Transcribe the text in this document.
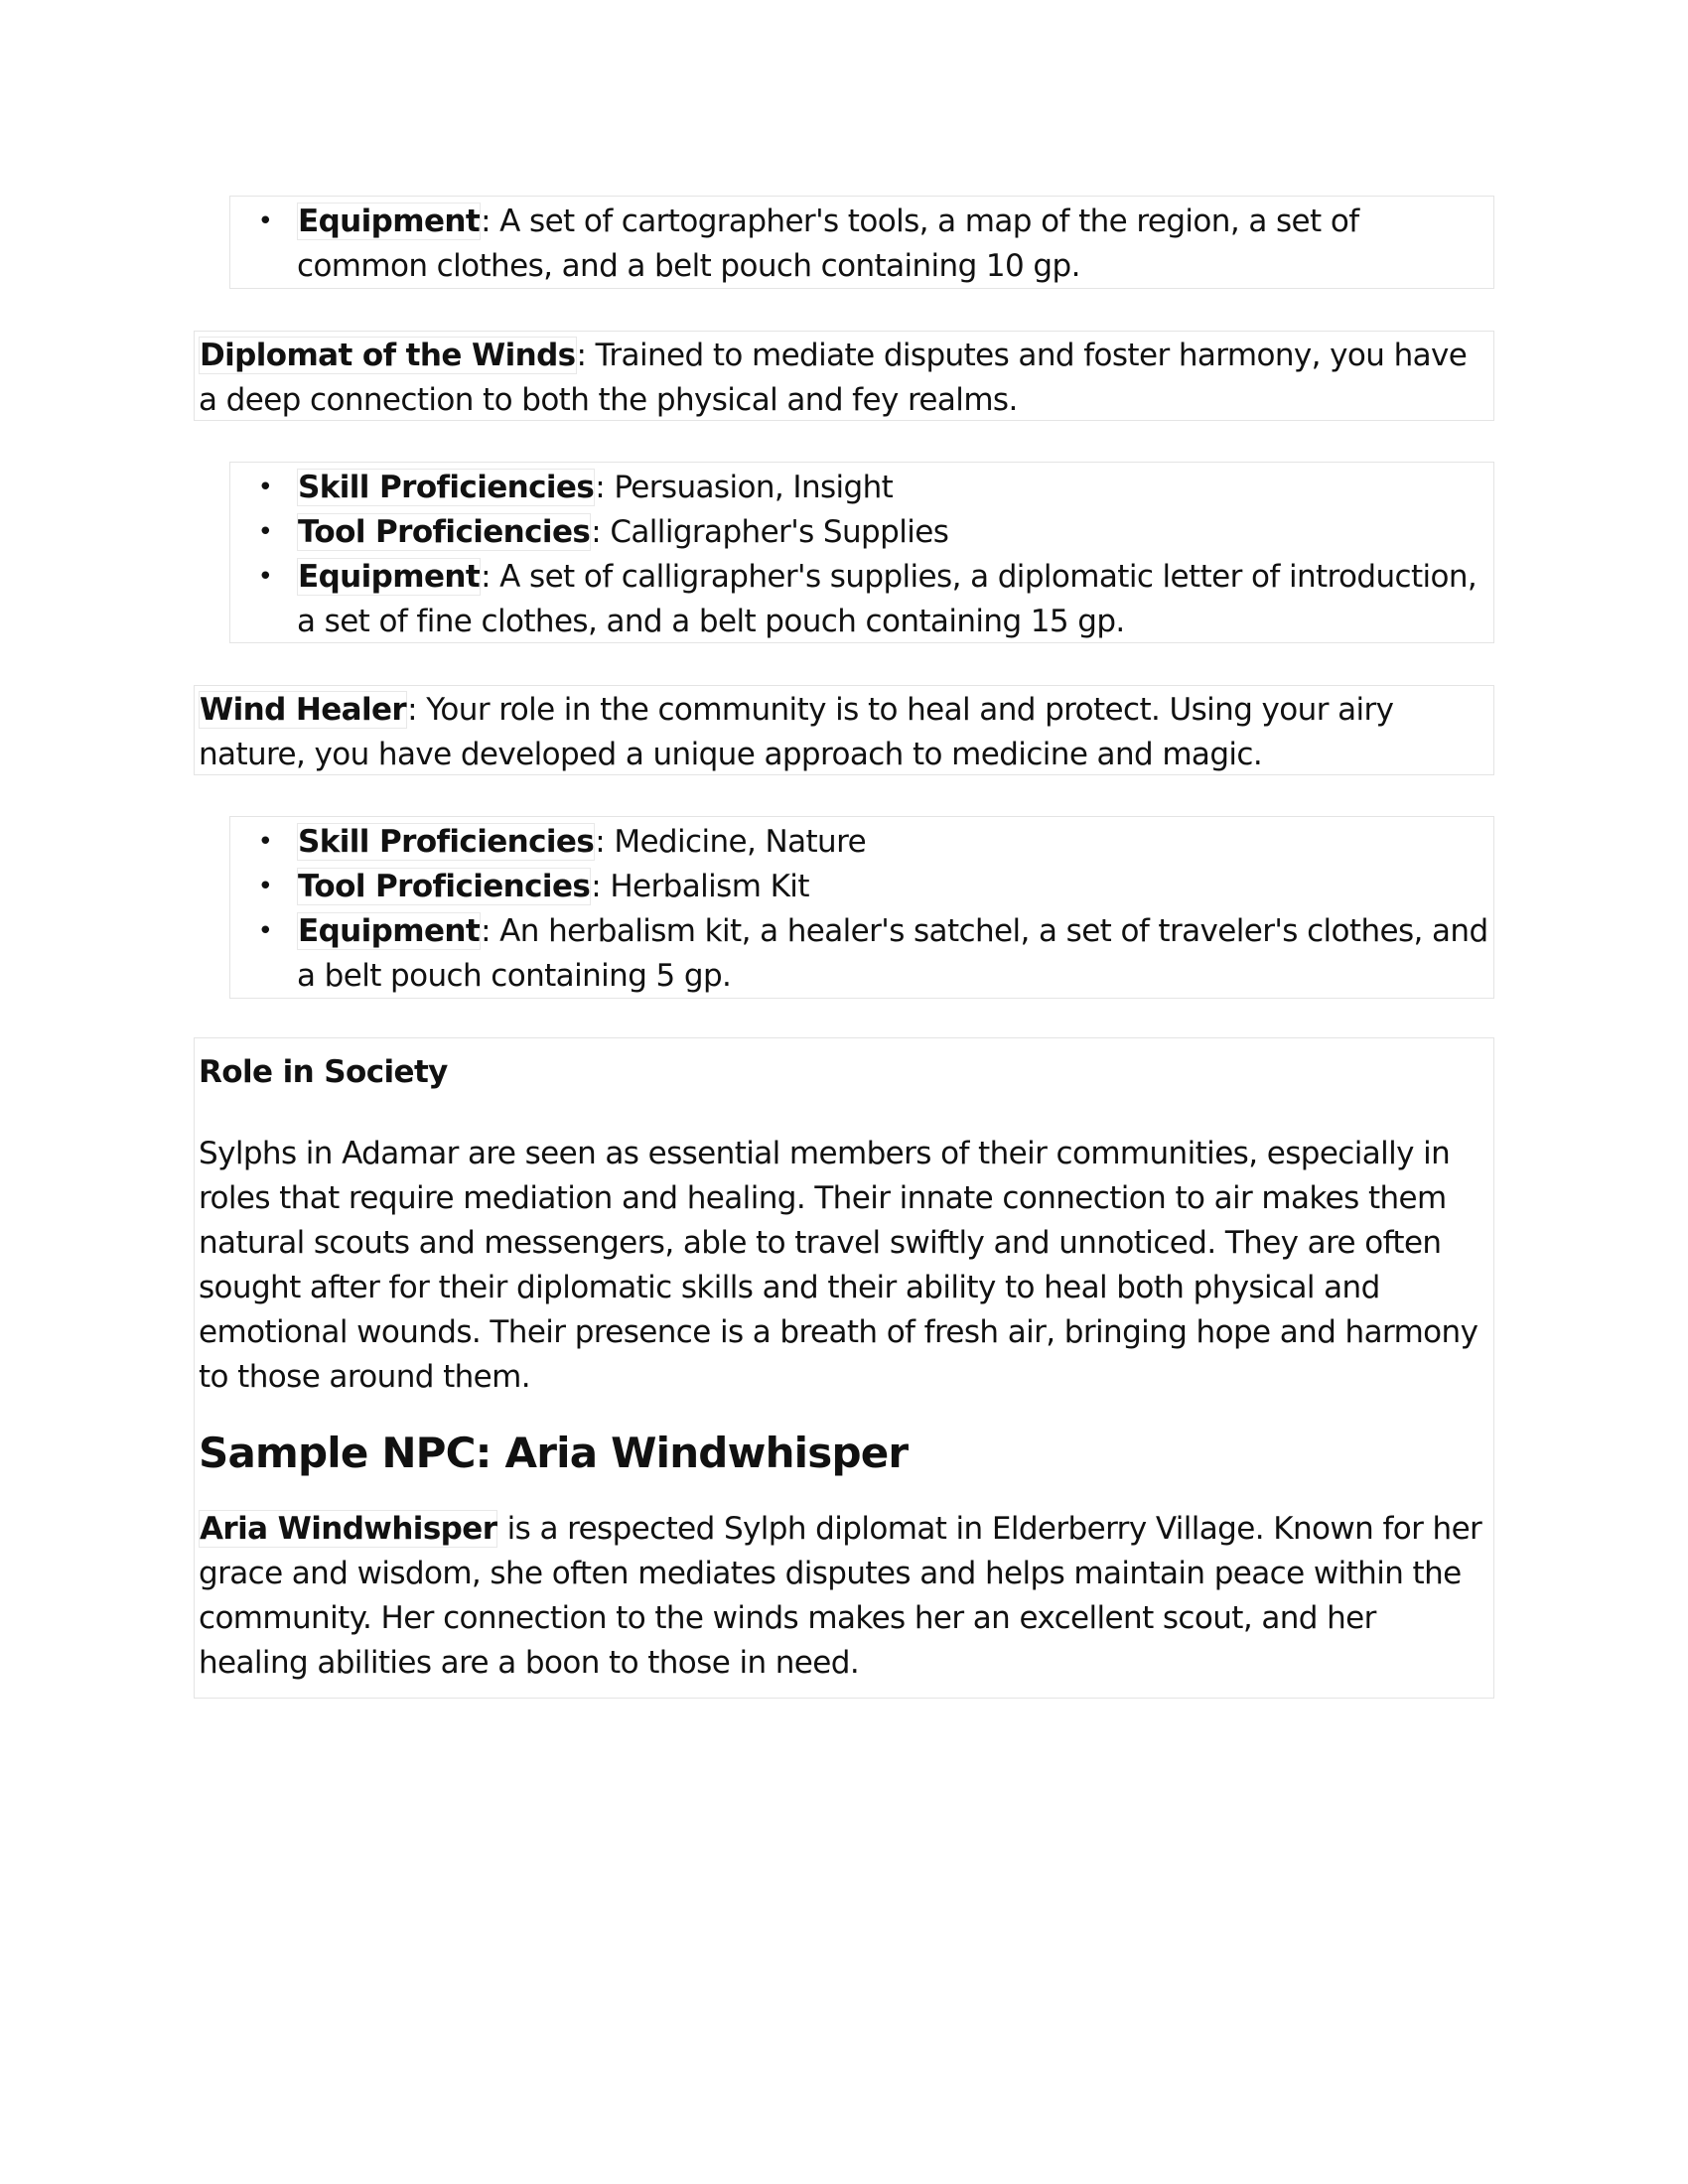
• Equipment: A set of cartographer's tools, a map of the region, a set of common clothes, and a belt pouch containing 10 gp.
Diplomat of the Winds: Trained to mediate disputes and foster harmony, you have a deep connection to both the physical and fey realms.
• Skill Proficiencies: Persuasion, Insight
• Tool Proficiencies: Calligrapher's Supplies
• Equipment: A set of calligrapher's supplies, a diplomatic letter of introduction, a set of fine clothes, and a belt pouch containing 15 gp.
Wind Healer: Your role in the community is to heal and protect. Using your airy nature, you have developed a unique approach to medicine and magic.
• Skill Proficiencies: Medicine, Nature
• Tool Proficiencies: Herbalism Kit
• Equipment: An herbalism kit, a healer's satchel, a set of traveler's clothes, and a belt pouch containing 5 gp.
Role in Society

Sylphs in Adamar are seen as essential members of their communities, especially in roles that require mediation and healing. Their innate connection to air makes them natural scouts and messengers, able to travel swiftly and unnoticed. They are often sought after for their diplomatic skills and their ability to heal both physical and emotional wounds. Their presence is a breath of fresh air, bringing hope and harmony to those around them.

Sample NPC: Aria Windwhisper

Aria Windwhisper is a respected Sylph diplomat in Elderberry Village. Known for her grace and wisdom, she often mediates disputes and helps maintain peace within the community. Her connection to the winds makes her an excellent scout, and her healing abilities are a boon to those in need.
